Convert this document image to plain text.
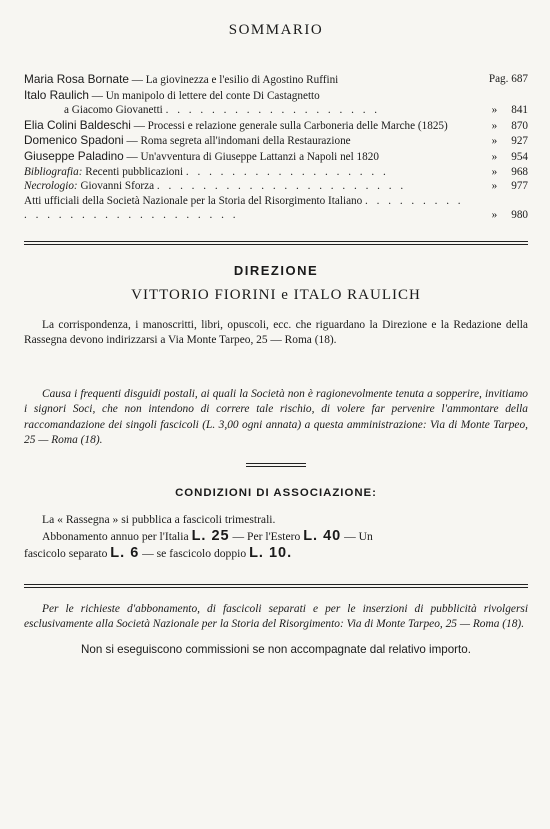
SOMMARIO
Maria Rosa Bornate — La giovinezza e l'esilio di Agostino Ruffini	Pag. 687
Italo Raulich — Un manipolo di lettere del conte Di Castagnetto
a Giacomo Giovanetti . . . . . . . . . . . . . . . . . . .	» 841
Elia Colini Baldeschi — Processi e relazione generale sulla Carboneria delle Marche (1825)	» 870
Domenico Spadoni — Roma segreta all'indomani della Restaurazione	» 927
Giuseppe Paladino — Un'avventura di Giuseppe Lattanzi a Napoli nel 1820	» 954
Bibliografia: Recenti pubblicazioni . . . . . . . . . . . . . . . . . .	» 968
Necrologio: Giovanni Sforza . . . . . . . . . . . . . . . . . . . . . .	» 977
Atti ufficiali della Società Nazionale per la Storia del Risorgimento Italiano . . . . . . . . . . . . . . . . . . . . . . . . . . . .	» 980
DIREZIONE
VITTORIO FIORINI e ITALO RAULICH
La corrispondenza, i manoscritti, libri, opuscoli, ecc. che riguardano la Direzione e la Redazione della Rassegna devono indirizzarsi a Via Monte Tarpeo, 25 — Roma (18).
Causa i frequenti disguidi postali, ai quali la Società non è ragionevolmente tenuta a sopperire, invitiamo i signori Soci, che non intendono di correre tale rischio, di volere far pervenire l'ammontare della raccomandazione dei singoli fascicoli (L. 3,00 ogni annata) a questa amministrazione: Via di Monte Tarpeo, 25 — Roma (18).
CONDIZIONI DI ASSOCIAZIONE:
La « Rassegna » si pubblica a fascicoli trimestrali.
Abbonamento annuo per l'Italia L. 25 — Per l'Estero L. 40 — Un
fascicolo separato L. 6 — se fascicolo doppio L. 10.
Per le richieste d'abbonamento, di fascicoli separati e per le inserzioni di pubblicità rivolgersi esclusivamente alla Società Nazionale per la Storia del Risorgimento: Via di Monte Tarpeo, 25 — Roma (18).
Non si eseguiscono commissioni se non accompagnate dal relativo importo.
